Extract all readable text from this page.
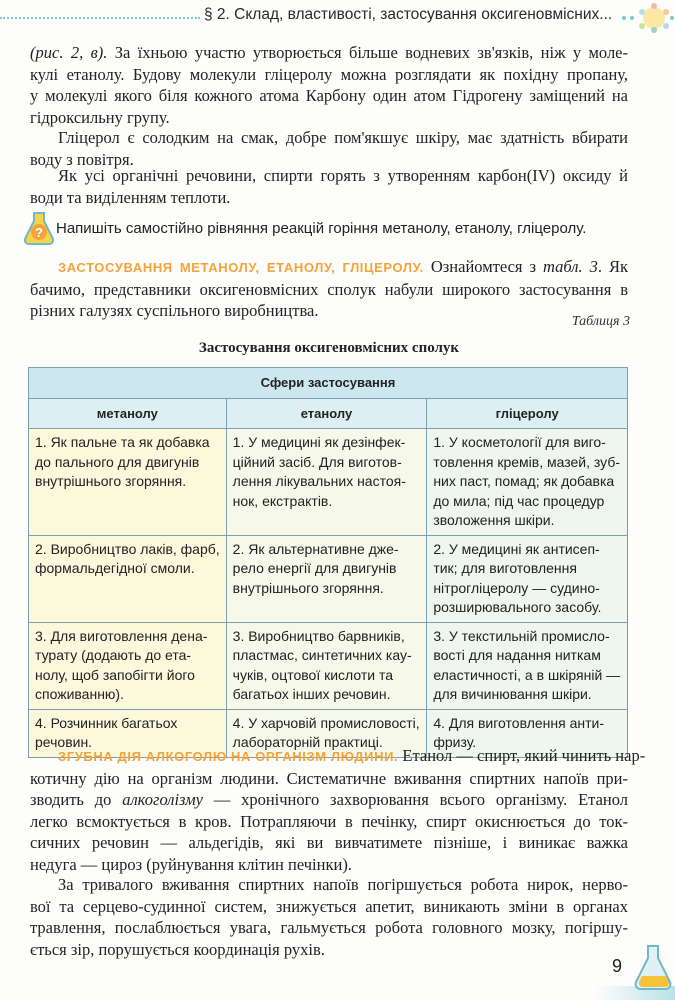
§ 2. Склад, властивості, застосування оксигеновмісних...
(рис. 2, в). За їхньою участю утворюється більше водневих зв'язків, ніж у моле-
кулі етанолу. Будову молекули гліцеролу можна розглядати як похідну пропану,
у молекулі якого біля кожного атома Карбону один атом Гідрогену заміщений на
гідроксильну групу.
Гліцерол є солодким на смак, добре пом'якшує шкіру, має здатність вбирати
воду з повітря.
Як усі органічні речовини, спирти горять з утворенням карбон(IV) оксиду й
води та виділенням теплоти.
? Напишіть самостійно рівняння реакцій горіння метанолу, етанолу, гліцеролу.
ЗАСТОСУВАННЯ МЕТАНОЛУ, ЕТАНОЛУ, ГЛІЦЕРОЛУ. Ознайомтеся з табл. 3. Як
бачимо, представники оксигеновмісних сполук набули широкого застосування в
різних галузях суспільного виробництва.
Таблиця 3
Застосування оксигеновмісних сполук
Сфери застосування		
метанолу	етанолу	гліцеролу
1. Як пальне та як добавка до пального для двигунів внутрішнього згоряння.	1. У медицині як дезінфек-ційний засіб. Для виготов-лення лікувальних настоя-нок, екстрактів.	1. У косметології для виго-товлення кремів, мазей, зуб-них паст, помад; як добавка до мила; під час процедур зволоження шкіри.
2. Виробництво лаків, фарб, формальдегідної смоли.	2. Як альтернативне дже-рело енергії для двигунів внутрішнього згоряння.	2. У медицині як антисеп-тик; для виготовлення нітрогліцеролу — судино-розширювального засобу.
3. Для виготовлення дена-турату (додають до ета-нолу, щоб запобігти його споживанню).	3. Виробництво барвників, пластмас, синтетичних кау-чуків, оцтової кислоти та багатьох інших речовин.	3. У текстильній промисло-вості для надання ниткам еластичності, а в шкіряній — для вичинювання шкіри.
4. Розчинник багатьох речовин.	4. У харчовій промисловості, лабораторній практиці.	4. Для виготовлення анти-фризу.
ЗГУБНА ДІЯ АЛКОГОЛЮ НА ОРГАНІЗМ ЛЮДИНИ. Етанол — спирт, який чинить нар-
котичну дію на організм людини. Систематичне вживання спиртних напоїв при-
зводить до алкоголізму — хронічного захворювання всього організму. Етанол
легко всмоктується в кров. Потрапляючи в печінку, спирт окиснюється до ток-
сичних речовин — альдегідів, які ви вивчатимете пізніше, і виникає важка
недуга — цироз (руйнування клітин печінки).
За тривалого вживання спиртних напоїв погіршується робота нирок, нерво-
вої та серцево-судинної систем, знижується апетит, виникають зміни в органах
травлення, послаблюється увага, гальмується робота головного мозку, погіршу-
ється зір, порушується координація рухів.
9
